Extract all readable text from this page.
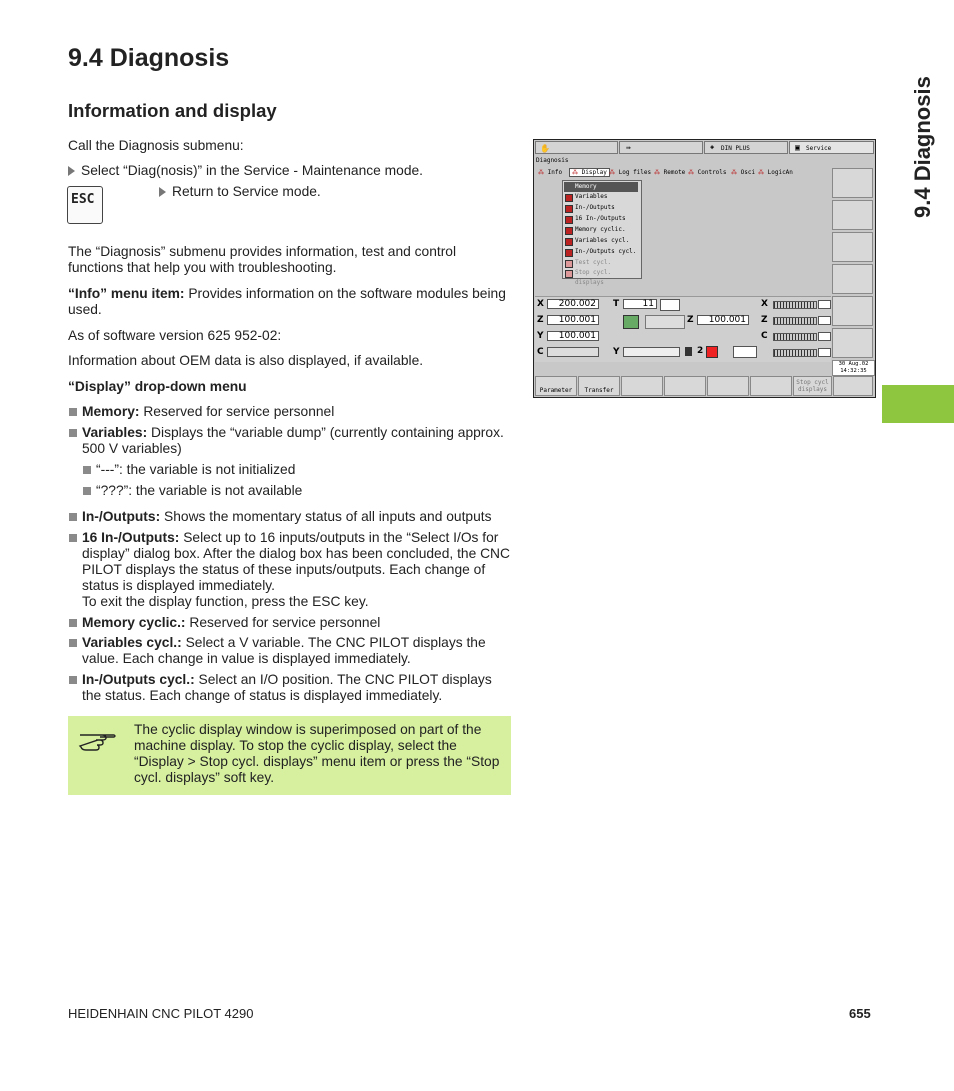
9.4 Diagnosis
Information and display	9.4 Diagnosis
Call the Diagnosis submenu:
Select “Diag(nosis)” in the Service - Maintenance mode.
ESC
Return to Service mode.
The “Diagnosis” submenu provides information, test and control functions that help you with troubleshooting.
“Info” menu item: Provides information on the software modules being used.
As of software version 625 952-02:
Information about OEM data is also displayed, if available.
“Display” drop-down menu
Memory: Reserved for service personnel
Variables: Displays the “variable dump” (currently containing approx. 500 V variables)
“---”: the variable is not initialized
“???”: the variable is not available
In-/Outputs: Shows the momentary status of all inputs and outputs
16 In-/Outputs: Select up to 16 inputs/outputs in the “Select I/Os for display” dialog box. After the dialog box has been concluded, the CNC PILOT displays the status of these inputs/outputs. Each change of status is displayed immediately.
To exit the display function, press the ESC key.
Memory cyclic.: Reserved for service personnel
Variables cycl.: Select a V variable. The CNC PILOT displays the value. Each change in value is displayed immediately.
In-/Outputs cycl.: Select an I/O position. The CNC PILOT displays the status. Each change of status is displayed immediately.
The cyclic display window is superimposed on part of the machine display. To stop the cyclic display, select the “Display > Stop cycl. displays” menu item or press the “Stop cycl. displays” soft key.
✋	⇛	◈ DIN PLUS	▣ Service
Diagnosis
⁂ Info	⁂ Display ⁂ Log files ⁂ Remote ⁂ Controls ⁂ Osci ⁂ LogicAn
Memory
Variables
In-/Outputs
16 In-/Outputs
Memory cyclic.
Variables cycl.
In-/Outputs cycl.
Test cycl.
Stop cycl. displays
X	200.002
Z	100.001
Y	100.001
C
T	11
Z	100.001
Y	2
X
Z
C
30 Aug.02
14:32:35
Parameter	Transfer
Stop cycl displays
HEIDENHAIN CNC PILOT 4290	655
